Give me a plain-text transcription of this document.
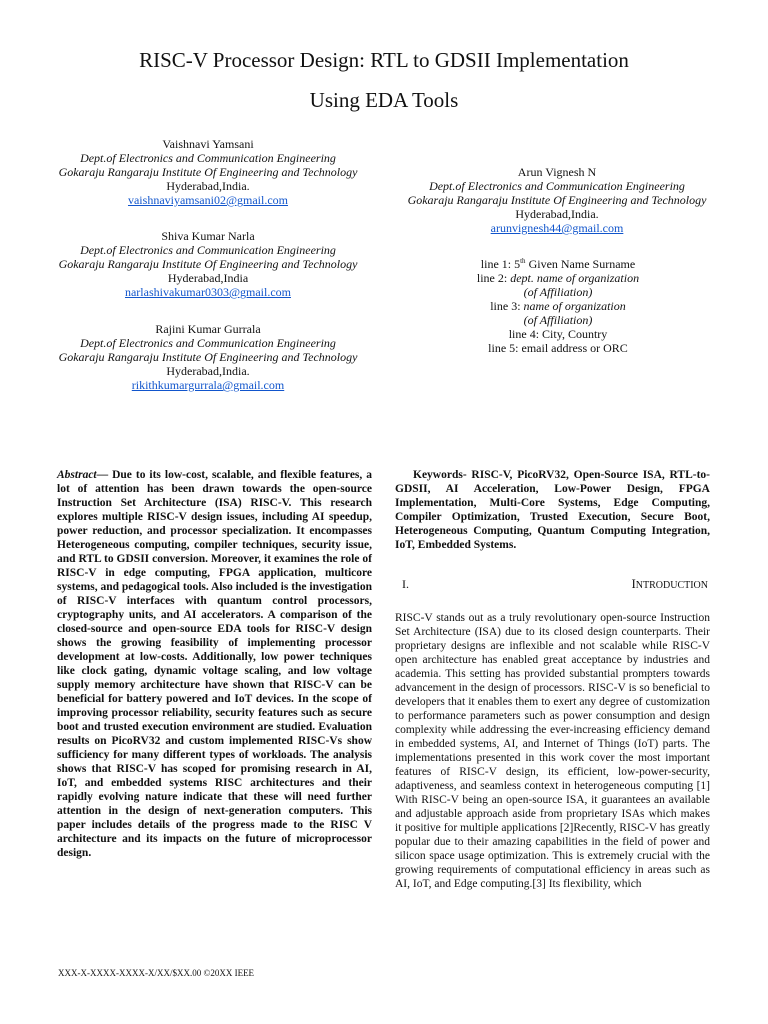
RISC-V Processor Design: RTL to GDSII Implementation
Using EDA Tools
Vaishnavi Yamsani
Dept.of Electronics and Communication Engineering
Gokaraju Rangaraju Institute Of Engineering and Technology
Hyderabad,India.
vaishnaviyamsani02@gmail.com
Shiva Kumar Narla
Dept.of Electronics and Communication Engineering
Gokaraju Rangaraju Institute Of Engineering and Technology
Hyderabad,India
narlashivakumar0303@gmail.com
Rajini Kumar Gurrala
Dept.of Electronics and Communication Engineering
Gokaraju Rangaraju Institute Of Engineering and Technology
Hyderabad,India.
rikithkumargurrala@gmail.com
Arun Vignesh N
Dept.of Electronics and Communication Engineering
Gokaraju Rangaraju Institute Of Engineering and Technology
Hyderabad,India.
arunvignesh44@gmail.com
line 1: 5th Given Name Surname
line 2: dept. name of organization
(of Affiliation)
line 3: name of organization
(of Affiliation)
line 4: City, Country
line 5: email address or ORC

Abstract— Due to its low-cost, scalable, and flexible features, a lot of attention has been drawn towards the open-source Instruction Set Architecture (ISA) RISC-V. This research explores multiple RISC-V design issues, including AI speedup, power reduction, and processor specialization. It encompasses Heterogeneous computing, compiler techniques, security issue, and RTL to GDSII conversion. Moreover, it examines the role of RISC-V in edge computing, FPGA application, multicore systems, and pedagogical tools. Also included is the investigation of RISC-V interfaces with quantum control processors, cryptography units, and AI accelerators. A comparison of the closed-source and open-source EDA tools for RISC-V design shows the growing feasibility of implementing processor development at low-costs. Additionally, low power techniques like clock gating, dynamic voltage scaling, and low voltage supply memory architecture have shown that RISC-V can be beneficial for battery powered and IoT devices. In the scope of improving processor reliability, security features such as secure boot and trusted execution environment are studied. Evaluation results on PicoRV32 and custom implemented RISC-Vs show sufficiency for many different types of workloads. The analysis shows that RISC-V has scoped for promising research in AI, IoT, and embedded systems RISC architectures and their rapidly evolving nature indicate that these will need further attention in the design of next-generation computers. This paper includes details of the progress made to the RISC V architecture and its impacts on the future of microprocessor design.

Keywords- RISC-V, PicoRV32, Open-Source ISA, RTL-to-GDSII, AI Acceleration, Low-Power Design, FPGA Implementation, Multi-Core Systems, Edge Computing, Compiler Optimization, Trusted Execution, Secure Boot, Heterogeneous Computing, Quantum Computing Integration, IoT, Embedded Systems.

I.	INTRODUCTION

RISC-V stands out as a truly revolutionary open-source Instruction Set Architecture (ISA) due to its closed design counterparts. Their proprietary designs are inflexible and not scalable while RISC-V open architecture has enabled great acceptance by industries and academia. This setting has provided substantial prompters towards advancement in the design of processors. RISC-V is so beneficial to developers that it enables them to exert any degree of customization to performance parameters such as power consumption and design complexity while addressing the ever-increasing efficiency demand in embedded systems, AI, and Internet of Things (IoT) parts. The implementations presented in this work cover the most important features of RISC-V design, its efficient, low-power-security, adaptiveness, and seamless context in heterogeneous computing [1] With RISC-V being an open-source ISA, it guarantees an available and adjustable approach aside from proprietary ISAs which makes it positive for multiple applications [2]Recently, RISC-V has greatly popular due to their amazing capabilities in the field of power and silicon space usage optimization. This is extremely crucial with the growing requirements of computational efficiency in areas such as AI, IoT, and Edge computing.[3] Its flexibility, which

XXX-X-XXXX-XXXX-X/XX/$XX.00 ©20XX IEEE
